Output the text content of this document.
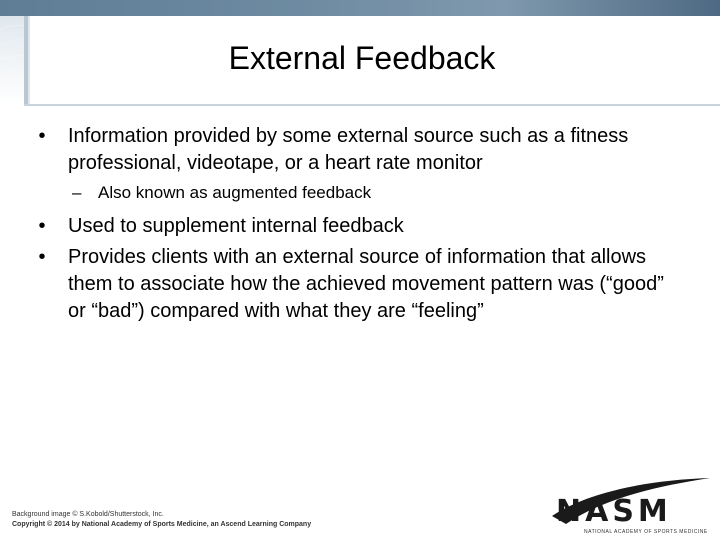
External Feedback
•	Information provided by some external source such as a fitness professional, videotape, or a heart rate monitor
– Also known as augmented feedback
•	Used to supplement internal feedback
•	Provides clients with an external source of information that allows them to associate how the achieved movement pattern was (“good” or “bad”) compared with what they are “feeling”
Background image © S.Kobold/Shutterstock, Inc.
Copyright © 2014 by National Academy of Sports Medicine, an Ascend Learning Company	NASM
NATIONAL ACADEMY OF SPORTS MEDICINE
